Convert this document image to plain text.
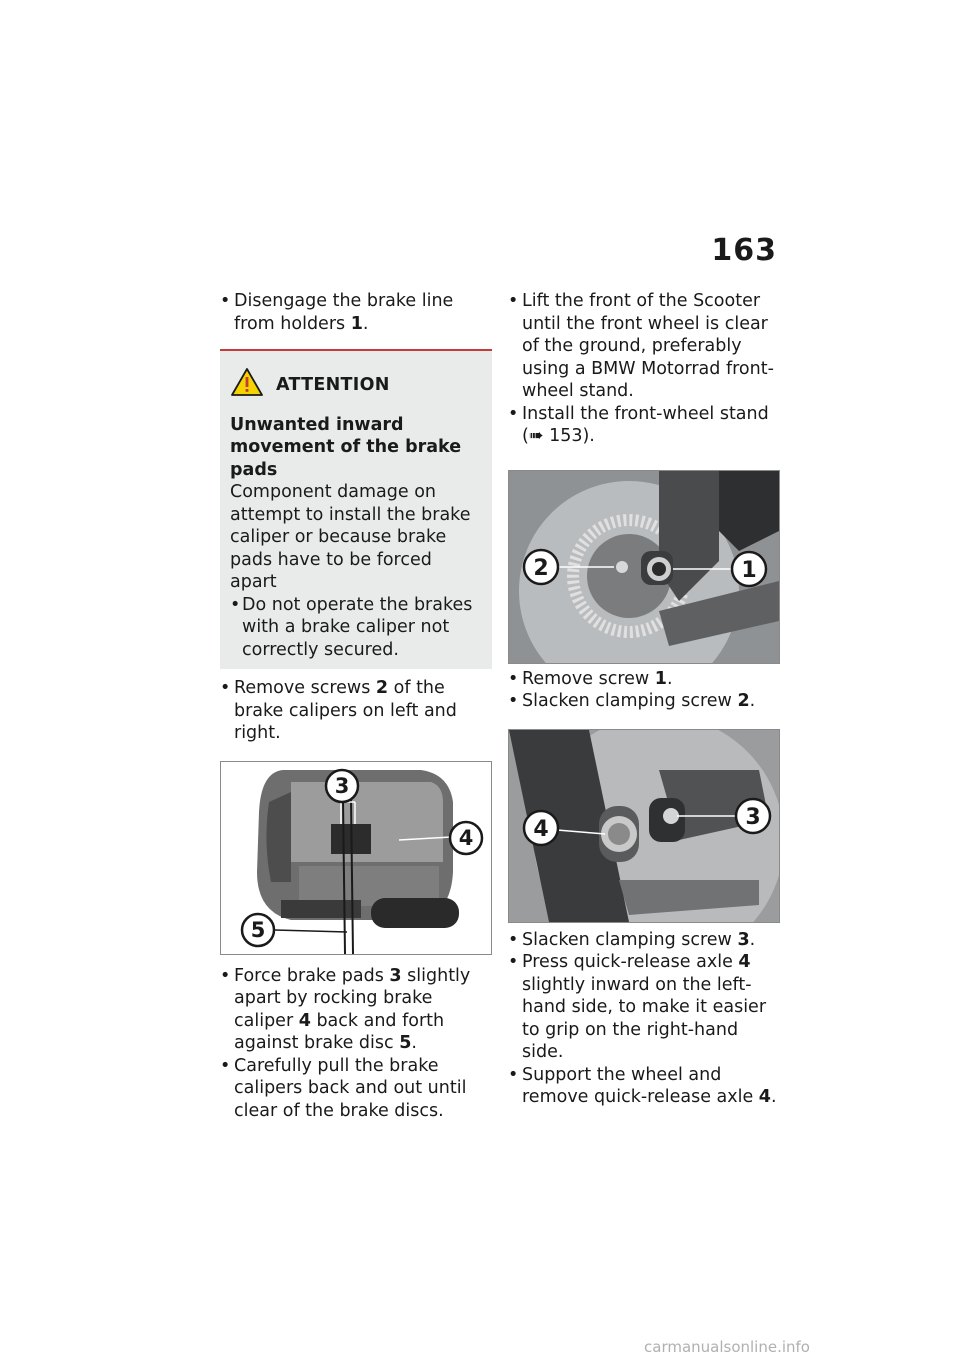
163
• Disengage the brake line from holders 1.
ATTENTION
Unwanted inward movement of the brake pads
Component damage on attempt to install the brake caliper or because brake pads have to be forced apart
• Do not operate the brakes with a brake caliper not correctly secured.
• Remove screws 2 of the brake calipers on left and right.
3
4
5
• Force brake pads 3 slightly apart by rocking brake caliper 4 back and forth against brake disc 5.
• Carefully pull the brake calipers back and out until clear of the brake discs.
• Lift the front of the Scooter until the front wheel is clear of the ground, preferably using a BMW Motorrad front-wheel stand.
• Install the front-wheel stand (➠ 153).
2	1
• Remove screw 1.
• Slacken clamping screw 2.
4	3
• Slacken clamping screw 3.
• Press quick-release axle 4 slightly inward on the left-hand side, to make it easier to grip on the right-hand side.
• Support the wheel and remove quick-release axle 4.
carmanualsonline.info
